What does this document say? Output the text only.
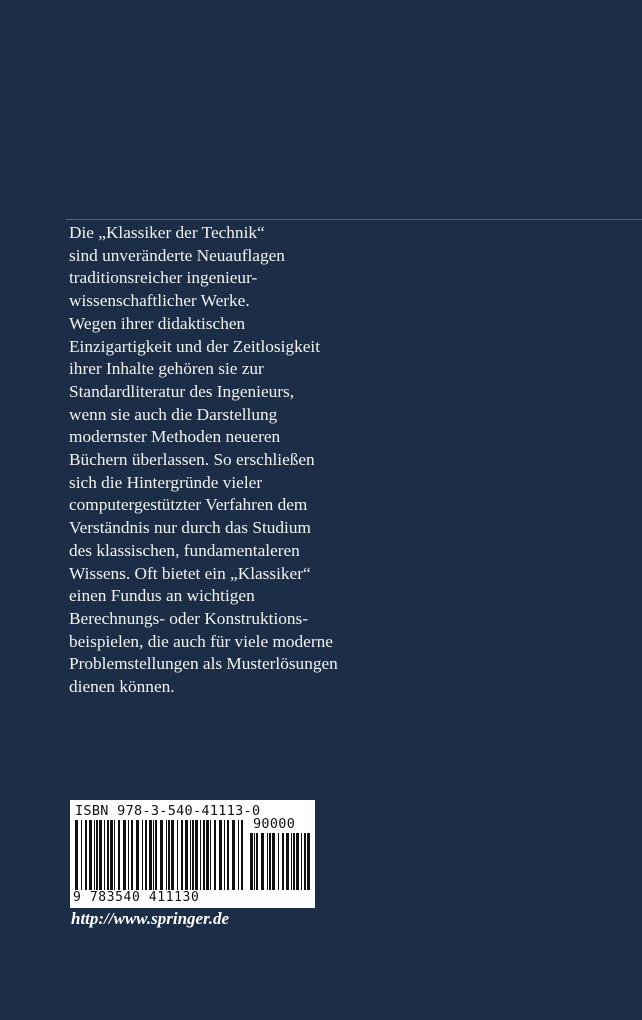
Die „Klassiker der Technik“
sind unveränderte Neuauflagen
traditionsreicher ingenieur-
wissenschaftlicher Werke.
Wegen ihrer didaktischen
Einzigartigkeit und der Zeitlosigkeit
ihrer Inhalte gehören sie zur
Standardliteratur des Ingenieurs,
wenn sie auch die Darstellung
modernster Methoden neueren
Büchern überlassen. So erschließen
sich die Hintergründe vieler
computergestützter Verfahren dem
Verständnis nur durch das Studium
des klassischen, fundamentaleren
Wissens. Oft bietet ein „Klassiker“
einen Fundus an wichtigen
Berechnungs- oder Konstruktions-
beispielen, die auch für viele moderne
Problemstellungen als Musterlösungen
dienen können.
ISBN 978-3-540-41113-0
90000
9 783540 411130
http://www.springer.de
